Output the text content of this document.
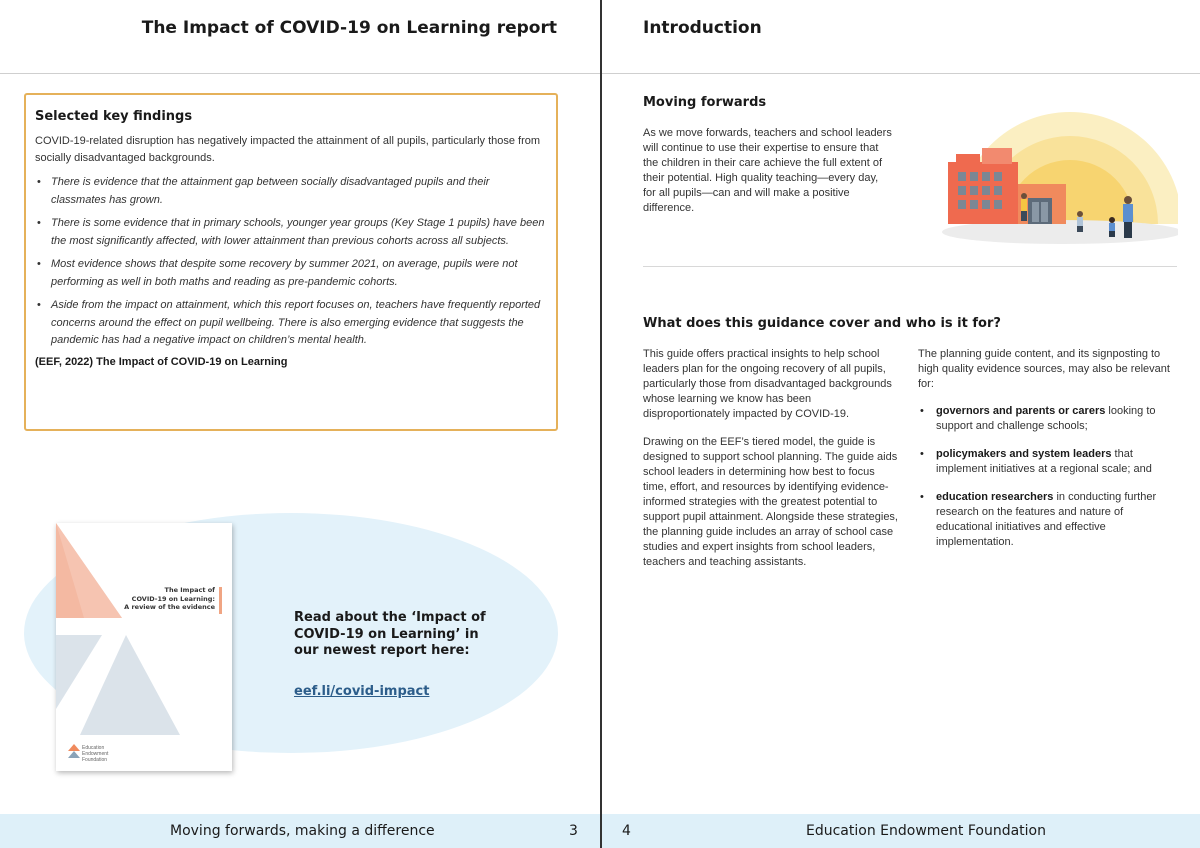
The Impact of COVID-19 on Learning report
Selected key findings

COVID-19-related disruption has negatively impacted the attainment of all pupils, particularly those from socially disadvantaged backgrounds.

• There is evidence that the attainment gap between socially disadvantaged pupils and their classmates has grown.
• There is some evidence that in primary schools, younger year groups (Key Stage 1 pupils) have been the most significantly affected, with lower attainment than previous cohorts across all subjects.
• Most evidence shows that despite some recovery by summer 2021, on average, pupils were not performing as well in both maths and reading as pre-pandemic cohorts.
• Aside from the impact on attainment, which this report focuses on, teachers have frequently reported concerns around the effect on pupil wellbeing. There is also emerging evidence that suggests the pandemic has had a negative impact on children’s mental health.
(EEF, 2022) The Impact of COVID-19 on Learning
The Impact of
COVID-19 on Learning:
A review of the evidence
Education
Endowment
Foundation
Read about the ‘Impact of COVID-19 on Learning’ in our newest report here:
eef.li/covid-impact
Moving forwards, making a difference	3
Introduction
Moving forwards
As we move forwards, teachers and school leaders will continue to use their expertise to ensure that the children in their care achieve the full extent of their potential. High quality teaching—every day, for all pupils—can and will make a positive difference.
What does this guidance cover and who is it for?
This guide offers practical insights to help school leaders plan for the ongoing recovery of all pupils, particularly those from disadvantaged backgrounds whose learning we know has been disproportionately impacted by COVID-19.
Drawing on the EEF’s tiered model, the guide is designed to support school planning. The guide aids school leaders in determining how best to focus time, effort, and resources by identifying evidence-informed strategies with the greatest potential to support pupil attainment. Alongside these strategies, the planning guide includes an array of school case studies and expert insights from school leaders, teachers and teaching assistants.
The planning guide content, and its signposting to high quality evidence sources, may also be relevant for:
• governors and parents or carers looking to support and challenge schools;
• policymakers and system leaders that implement initiatives at a regional scale; and
• education researchers in conducting further research on the features and nature of educational initiatives and effective implementation.
4	Education Endowment Foundation
